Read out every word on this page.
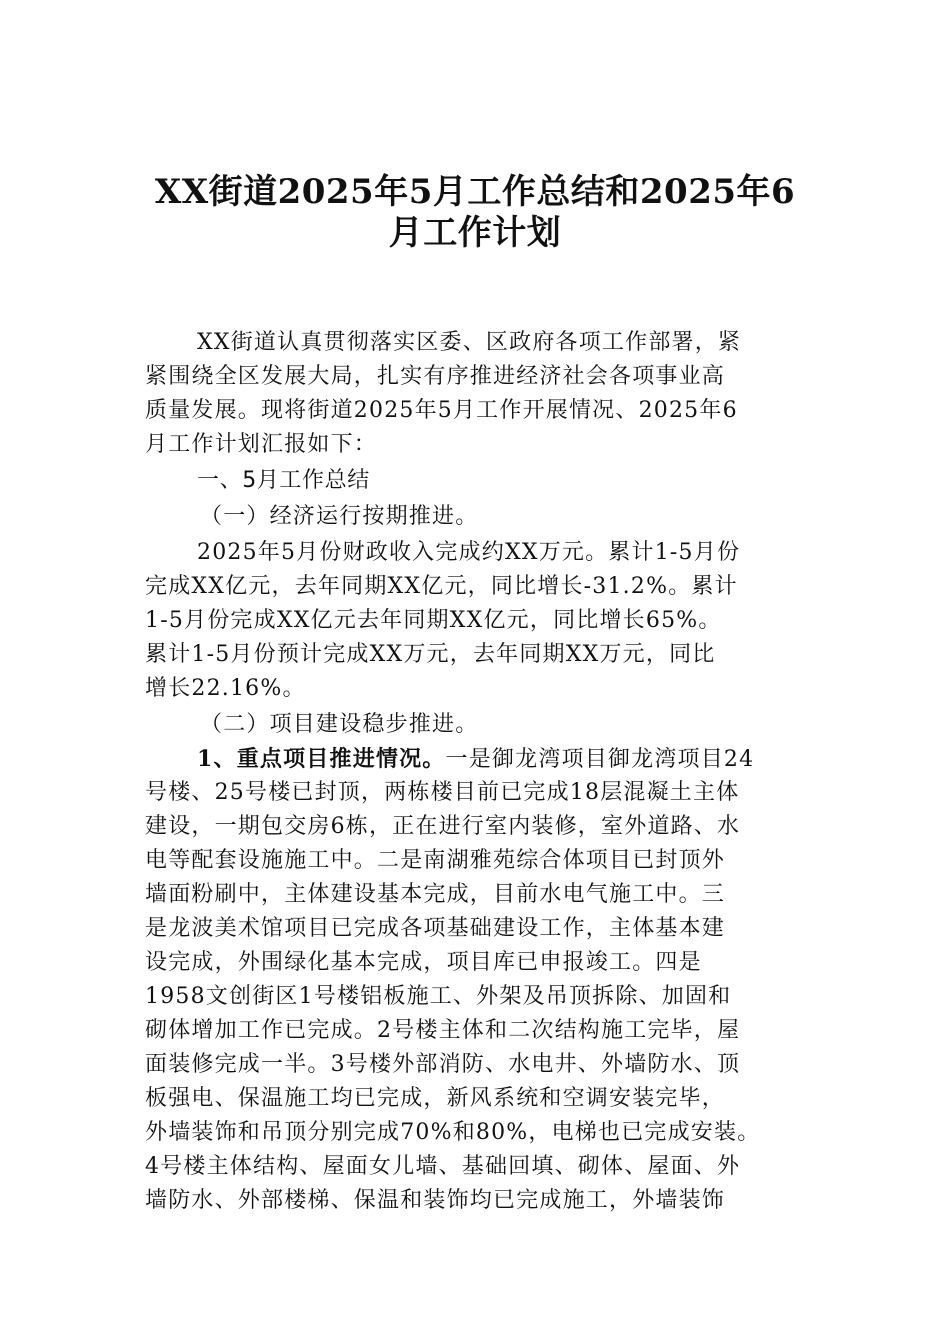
XX街道2025年5月工作总结和2025年6
月工作计划
XX街道认真贯彻落实区委、区政府各项工作部署，紧
紧围绕全区发展大局，扎实有序推进经济社会各项事业高
质量发展。现将街道2025年5月工作开展情况、2025年6
月工作计划汇报如下：
一、5月工作总结
（一）经济运行按期推进。
2025年5月份财政收入完成约XX万元。累计1-5月份
完成XX亿元，去年同期XX亿元，同比增长-31.2%。累计
1-5月份完成XX亿元去年同期XX亿元，同比增长65%。
累计1-5月份预计完成XX万元，去年同期XX万元，同比
增长22.16%。
（二）项目建设稳步推进。
1、重点项目推进情况。一是御龙湾项目御龙湾项目24
号楼、25号楼已封顶，两栋楼目前已完成18层混凝土主体
建设，一期包交房6栋，正在进行室内装修，室外道路、水
电等配套设施施工中。二是南湖雅苑综合体项目已封顶外
墙面粉刷中，主体建设基本完成，目前水电气施工中。三
是龙波美术馆项目已完成各项基础建设工作，主体基本建
设完成，外围绿化基本完成，项目库已申报竣工。四是
1958文创街区1号楼铝板施工、外架及吊顶拆除、加固和
砌体增加工作已完成。2号楼主体和二次结构施工完毕，屋
面装修完成一半。3号楼外部消防、水电井、外墙防水、顶
板强电、保温施工均已完成，新风系统和空调安装完毕，
外墙装饰和吊顶分别完成70%和80%，电梯也已完成安装。
4号楼主体结构、屋面女儿墙、基础回填、砌体、屋面、外
墙防水、外部楼梯、保温和装饰均已完成施工，外墙装饰
